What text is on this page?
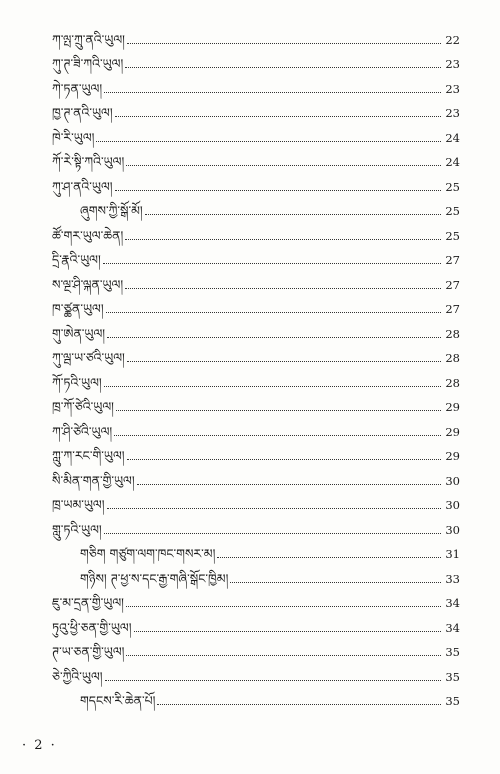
ཀ་ལྤ་ཀྲུ་ནའི་ཡུལ།	22
ཀུ་ཊ་ཟི་ཀའི་ཡུལ།	23
ཀེ་ཏན་ཡུལ།	23
ཁྱ་ཊ་ནའི་ཡུལ།	23
ཁེ་རི་ཡུལ།	24
ཀོ་རེ་སྟི་ཀའི་ཡུལ།	24
ཀུ་ཤ་ནའི་ཡུལ།	25
ཞུགས་ཀྱི་སྒོ་མོ།	25
ཚོ་གར་ཡུལ་ཆེན།	25
དྲི་རྣའི་ཡུལ།	27
ས་ལྔ་ཤི་ལྐན་ཡུལ།	27
ཁ་ཙྪན་ཡུལ།	27
གུ་ཨེན་ཡུལ།	28
ཀུ་ལྦ་ཡ་ཙའི་ཡུལ།	28
ཀོ་ཏའི་ཡུལ།	28
ཁྲ་ཀོ་ཙེའི་ཡུལ།	29
ཀ་ཤི་ཙེའི་ཡུལ།	29
ཀླུ་ཀ་རང་གི་ཡུལ།	29
སི་མིན་གན་གྱི་ཡུལ།	30
ཁྲ་ཡམ་ཡུལ།	30
གླུ་ཏའི་ཡུལ།	30
གཅིག གཙུག་ལག་ཁང་གསར་མ།	31
གཉིས། ཊ་ཕྱ་ས་དང་རྒྱ་གཞི་སྒོང་ཁྱིམ།	33
ཇུ་མ་དྲན་གྱི་ཡུལ།	34
ཏུའུ་ཕྱི་ཅན་གྱི་ཡུལ།	34
ཊ་ཡ་ཅན་གྱི་ཡུལ།	35
ཅེ་ཀྱིའི་ཡུལ།	35
གདངས་རི་ཆེན་པོ།	35
· 2 ·
